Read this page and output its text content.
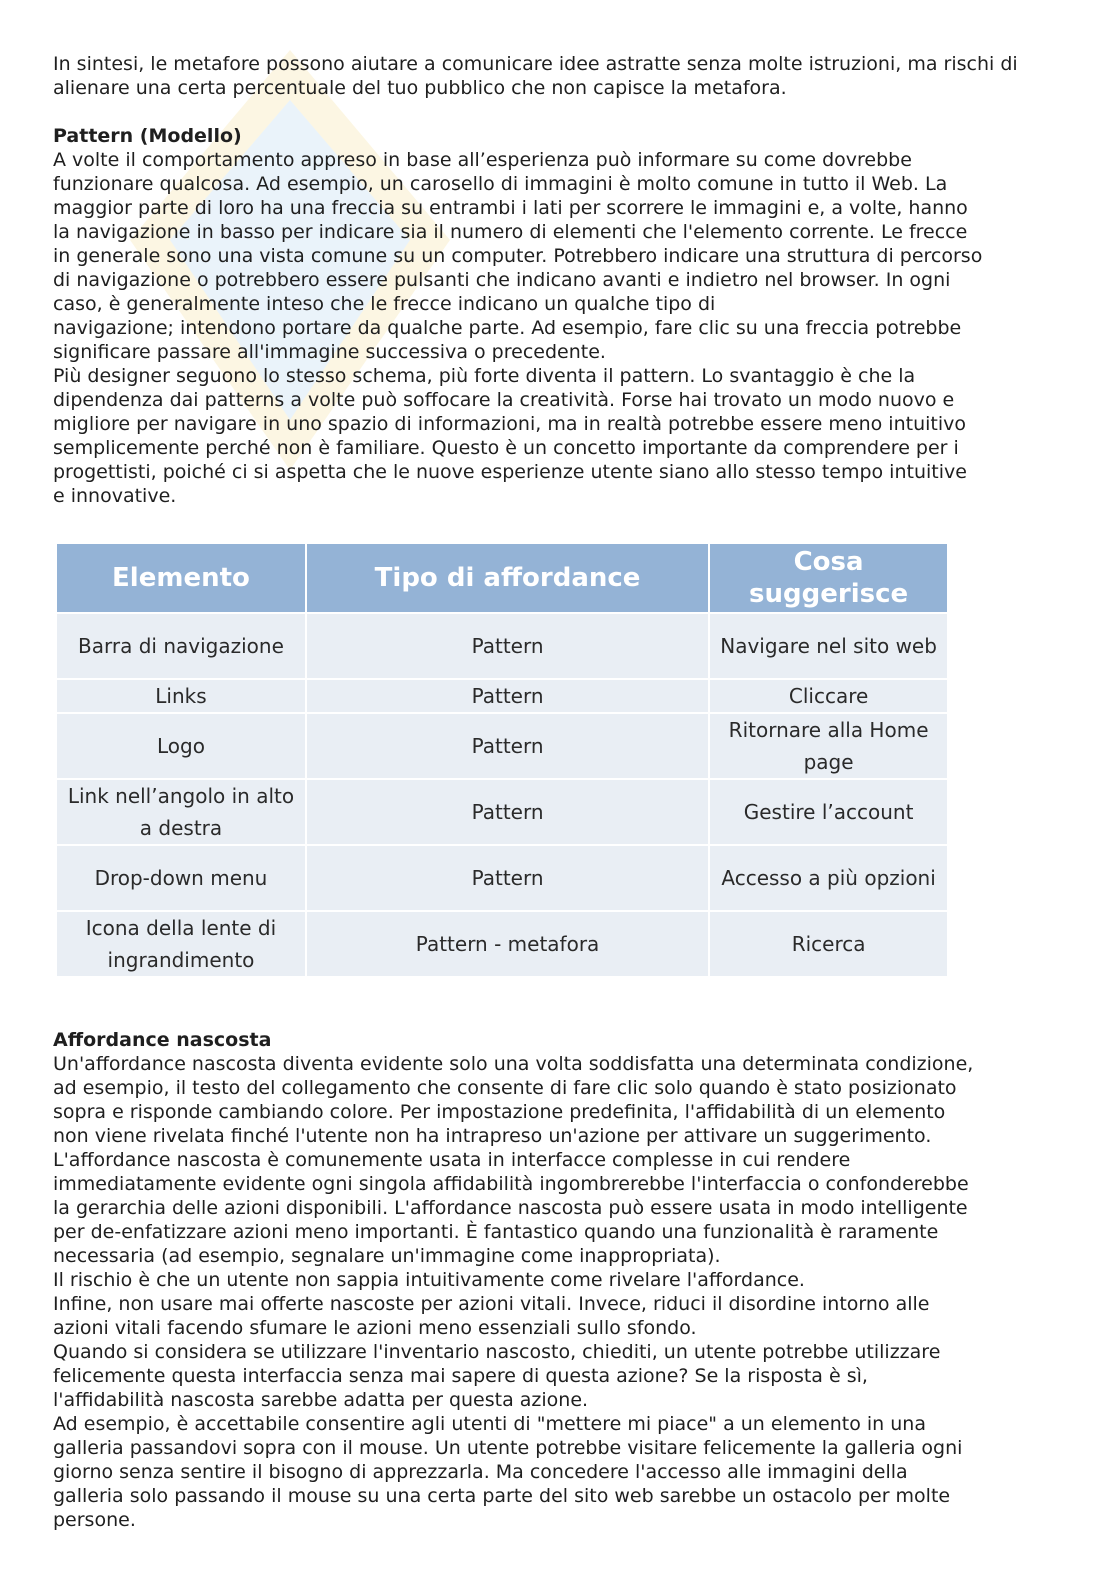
In sintesi, le metafore possono aiutare a comunicare idee astratte senza molte istruzioni, ma rischi di alienare una certa percentuale del tuo pubblico che non capisce la metafora.

Pattern (Modello)

A volte il comportamento appreso in base all’esperienza può informare su come dovrebbe
funzionare qualcosa. Ad esempio, un carosello di immagini è molto comune in tutto il Web. La
maggior parte di loro ha una freccia su entrambi i lati per scorrere le immagini e, a volte, hanno
la navigazione in basso per indicare sia il numero di elementi che l'elemento corrente. Le frecce
in generale sono una vista comune su un computer. Potrebbero indicare una struttura di percorso
di navigazione o potrebbero essere pulsanti che indicano avanti e indietro nel browser. In ogni
caso, è generalmente inteso che le frecce indicano un qualche tipo di
navigazione; intendono portare da qualche parte. Ad esempio, fare clic su una freccia potrebbe
significare passare all'immagine successiva o precedente.
Più designer seguono lo stesso schema, più forte diventa il pattern. Lo svantaggio è che la
dipendenza dai patterns a volte può soffocare la creatività. Forse hai trovato un modo nuovo e
migliore per navigare in uno spazio di informazioni, ma in realtà potrebbe essere meno intuitivo
semplicemente perché non è familiare. Questo è un concetto importante da comprendere per i
progettisti, poiché ci si aspetta che le nuove esperienze utente siano allo stesso tempo intuitive
e innovative.
Elemento	Tipo di affordance	Cosa suggerisce
Barra di navigazione	Pattern	Navigare nel sito web
Links	Pattern	Cliccare
Logo	Pattern	Ritornare alla Home page
Link nell’angolo in alto a destra	Pattern	Gestire l’account
Drop-down menu	Pattern	Accesso a più opzioni
Icona della lente di ingrandimento	Pattern - metafora	Ricerca

Affordance nascosta

Un'affordance nascosta diventa evidente solo una volta soddisfatta una determinata condizione,
ad esempio, il testo del collegamento che consente di fare clic solo quando è stato posizionato
sopra e risponde cambiando colore. Per impostazione predefinita, l'affidabilità di un elemento
non viene rivelata finché l'utente non ha intrapreso un'azione per attivare un suggerimento.
L'affordance nascosta è comunemente usata in interfacce complesse in cui rendere
immediatamente evidente ogni singola affidabilità ingombrerebbe l'interfaccia o confonderebbe
la gerarchia delle azioni disponibili. L'affordance nascosta può essere usata in modo intelligente
per de-enfatizzare azioni meno importanti. È fantastico quando una funzionalità è raramente
necessaria (ad esempio, segnalare un'immagine come inappropriata).
Il rischio è che un utente non sappia intuitivamente come rivelare l'affordance.
Infine, non usare mai offerte nascoste per azioni vitali. Invece, riduci il disordine intorno alle
azioni vitali facendo sfumare le azioni meno essenziali sullo sfondo.
Quando si considera se utilizzare l'inventario nascosto, chiediti, un utente potrebbe utilizzare
felicemente questa interfaccia senza mai sapere di questa azione? Se la risposta è sì,
l'affidabilità nascosta sarebbe adatta per questa azione.
Ad esempio, è accettabile consentire agli utenti di "mettere mi piace" a un elemento in una
galleria passandovi sopra con il mouse. Un utente potrebbe visitare felicemente la galleria ogni
giorno senza sentire il bisogno di apprezzarla. Ma concedere l'accesso alle immagini della
galleria solo passando il mouse su una certa parte del sito web sarebbe un ostacolo per molte
persone.
